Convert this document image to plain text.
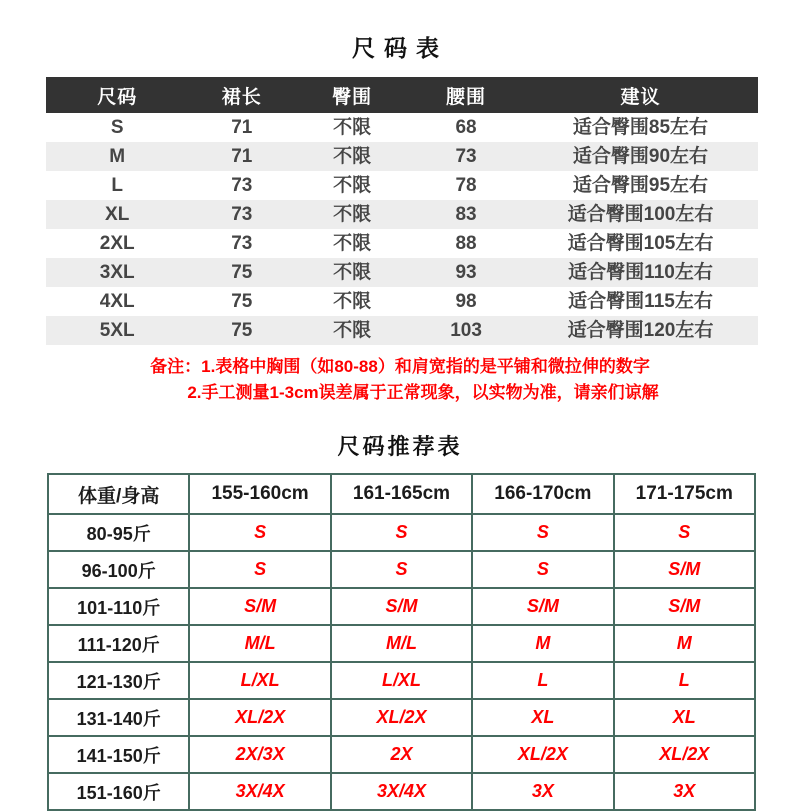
尺码表
尺码	裙长	臀围	腰围	建议
S	71	不限	68	适合臀围85左右
M	71	不限	73	适合臀围90左右
L	73	不限	78	适合臀围95左右
XL	73	不限	83	适合臀围100左右
2XL	73	不限	88	适合臀围105左右
3XL	75	不限	93	适合臀围110左右
4XL	75	不限	98	适合臀围115左右
5XL	75	不限	103	适合臀围120左右
备注：1.表格中胸围（如80-88）和肩宽指的是平铺和微拉伸的数字
2.手工测量1-3cm误差属于正常现象，以实物为准，请亲们谅解
尺码推荐表
体重/身高	155-160cm	161-165cm	166-170cm	171-175cm
80-95斤	S	S	S	S
96-100斤	S	S	S	S/M
101-110斤	S/M	S/M	S/M	S/M
111-120斤	M/L	M/L	M	M
121-130斤	L/XL	L/XL	L	L
131-140斤	XL/2X	XL/2X	XL	XL
141-150斤	2X/3X	2X	XL/2X	XL/2X
151-160斤	3X/4X	3X/4X	3X	3X
